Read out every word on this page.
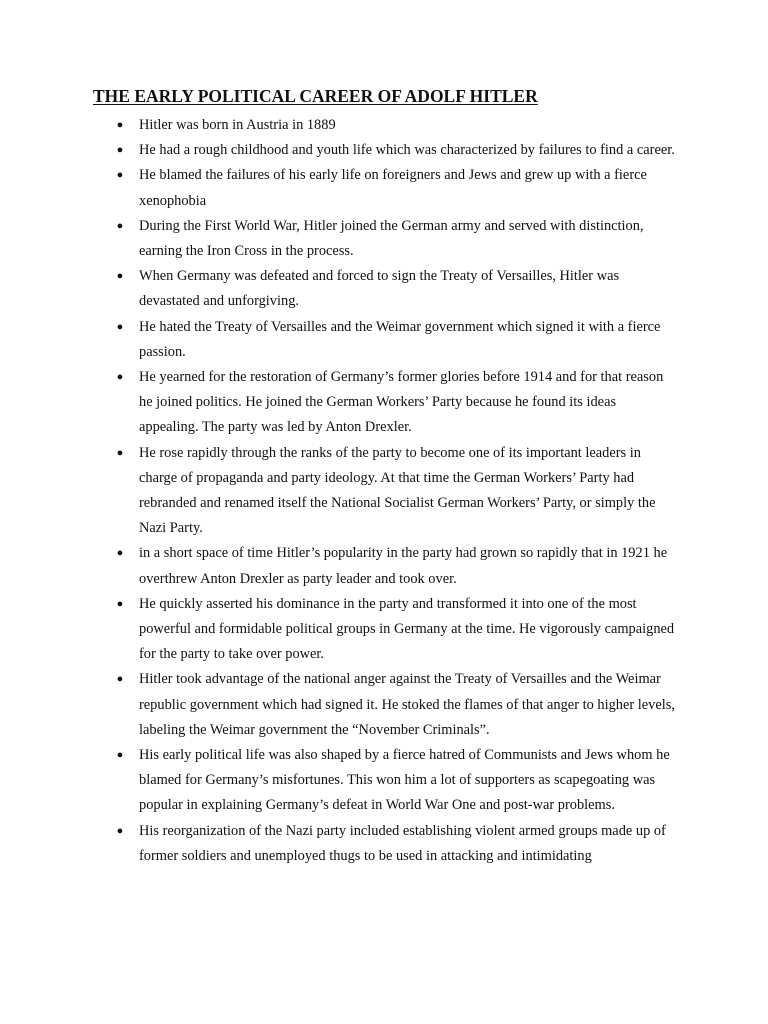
THE EARLY POLITICAL CAREER OF ADOLF HITLER
● Hitler was born in Austria in 1889
● He had a rough childhood and youth life which was characterized by failures to find a career.
● He blamed the failures of his early life on foreigners and Jews and grew up with a fierce xenophobia
● During the First World War, Hitler joined the German army and served with distinction, earning the Iron Cross in the process.
● When Germany was defeated and forced to sign the Treaty of Versailles, Hitler was devastated and unforgiving.
● He hated the Treaty of Versailles and the Weimar government which signed it with a fierce passion.
● He yearned for the restoration of Germany’s former glories before 1914 and for that reason he joined politics. He joined the German Workers’ Party because he found its ideas appealing. The party was led by Anton Drexler.
● He rose rapidly through the ranks of the party to become one of its important leaders in charge of propaganda and party ideology. At that time the German Workers’ Party had rebranded and renamed itself the National Socialist German Workers’ Party, or simply the Nazi Party.
● in a short space of time Hitler’s popularity in the party had grown so rapidly that in 1921 he overthrew Anton Drexler as party leader and took over.
● He quickly asserted his dominance in the party and transformed it into one of the most powerful and formidable political groups in Germany at the time. He vigorously campaigned for the party to take over power.
● Hitler took advantage of the national anger against the Treaty of Versailles and the Weimar republic government which had signed it. He stoked the flames of that anger to higher levels, labeling the Weimar government the “November Criminals”.
● His early political life was also shaped by a fierce hatred of Communists and Jews whom he blamed for Germany’s misfortunes. This won him a lot of supporters as scapegoating was popular in explaining Germany’s defeat in World War One and post-war problems.
● His reorganization of the Nazi party included establishing violent armed groups made up of former soldiers and unemployed thugs to be used in attacking and intimidating
